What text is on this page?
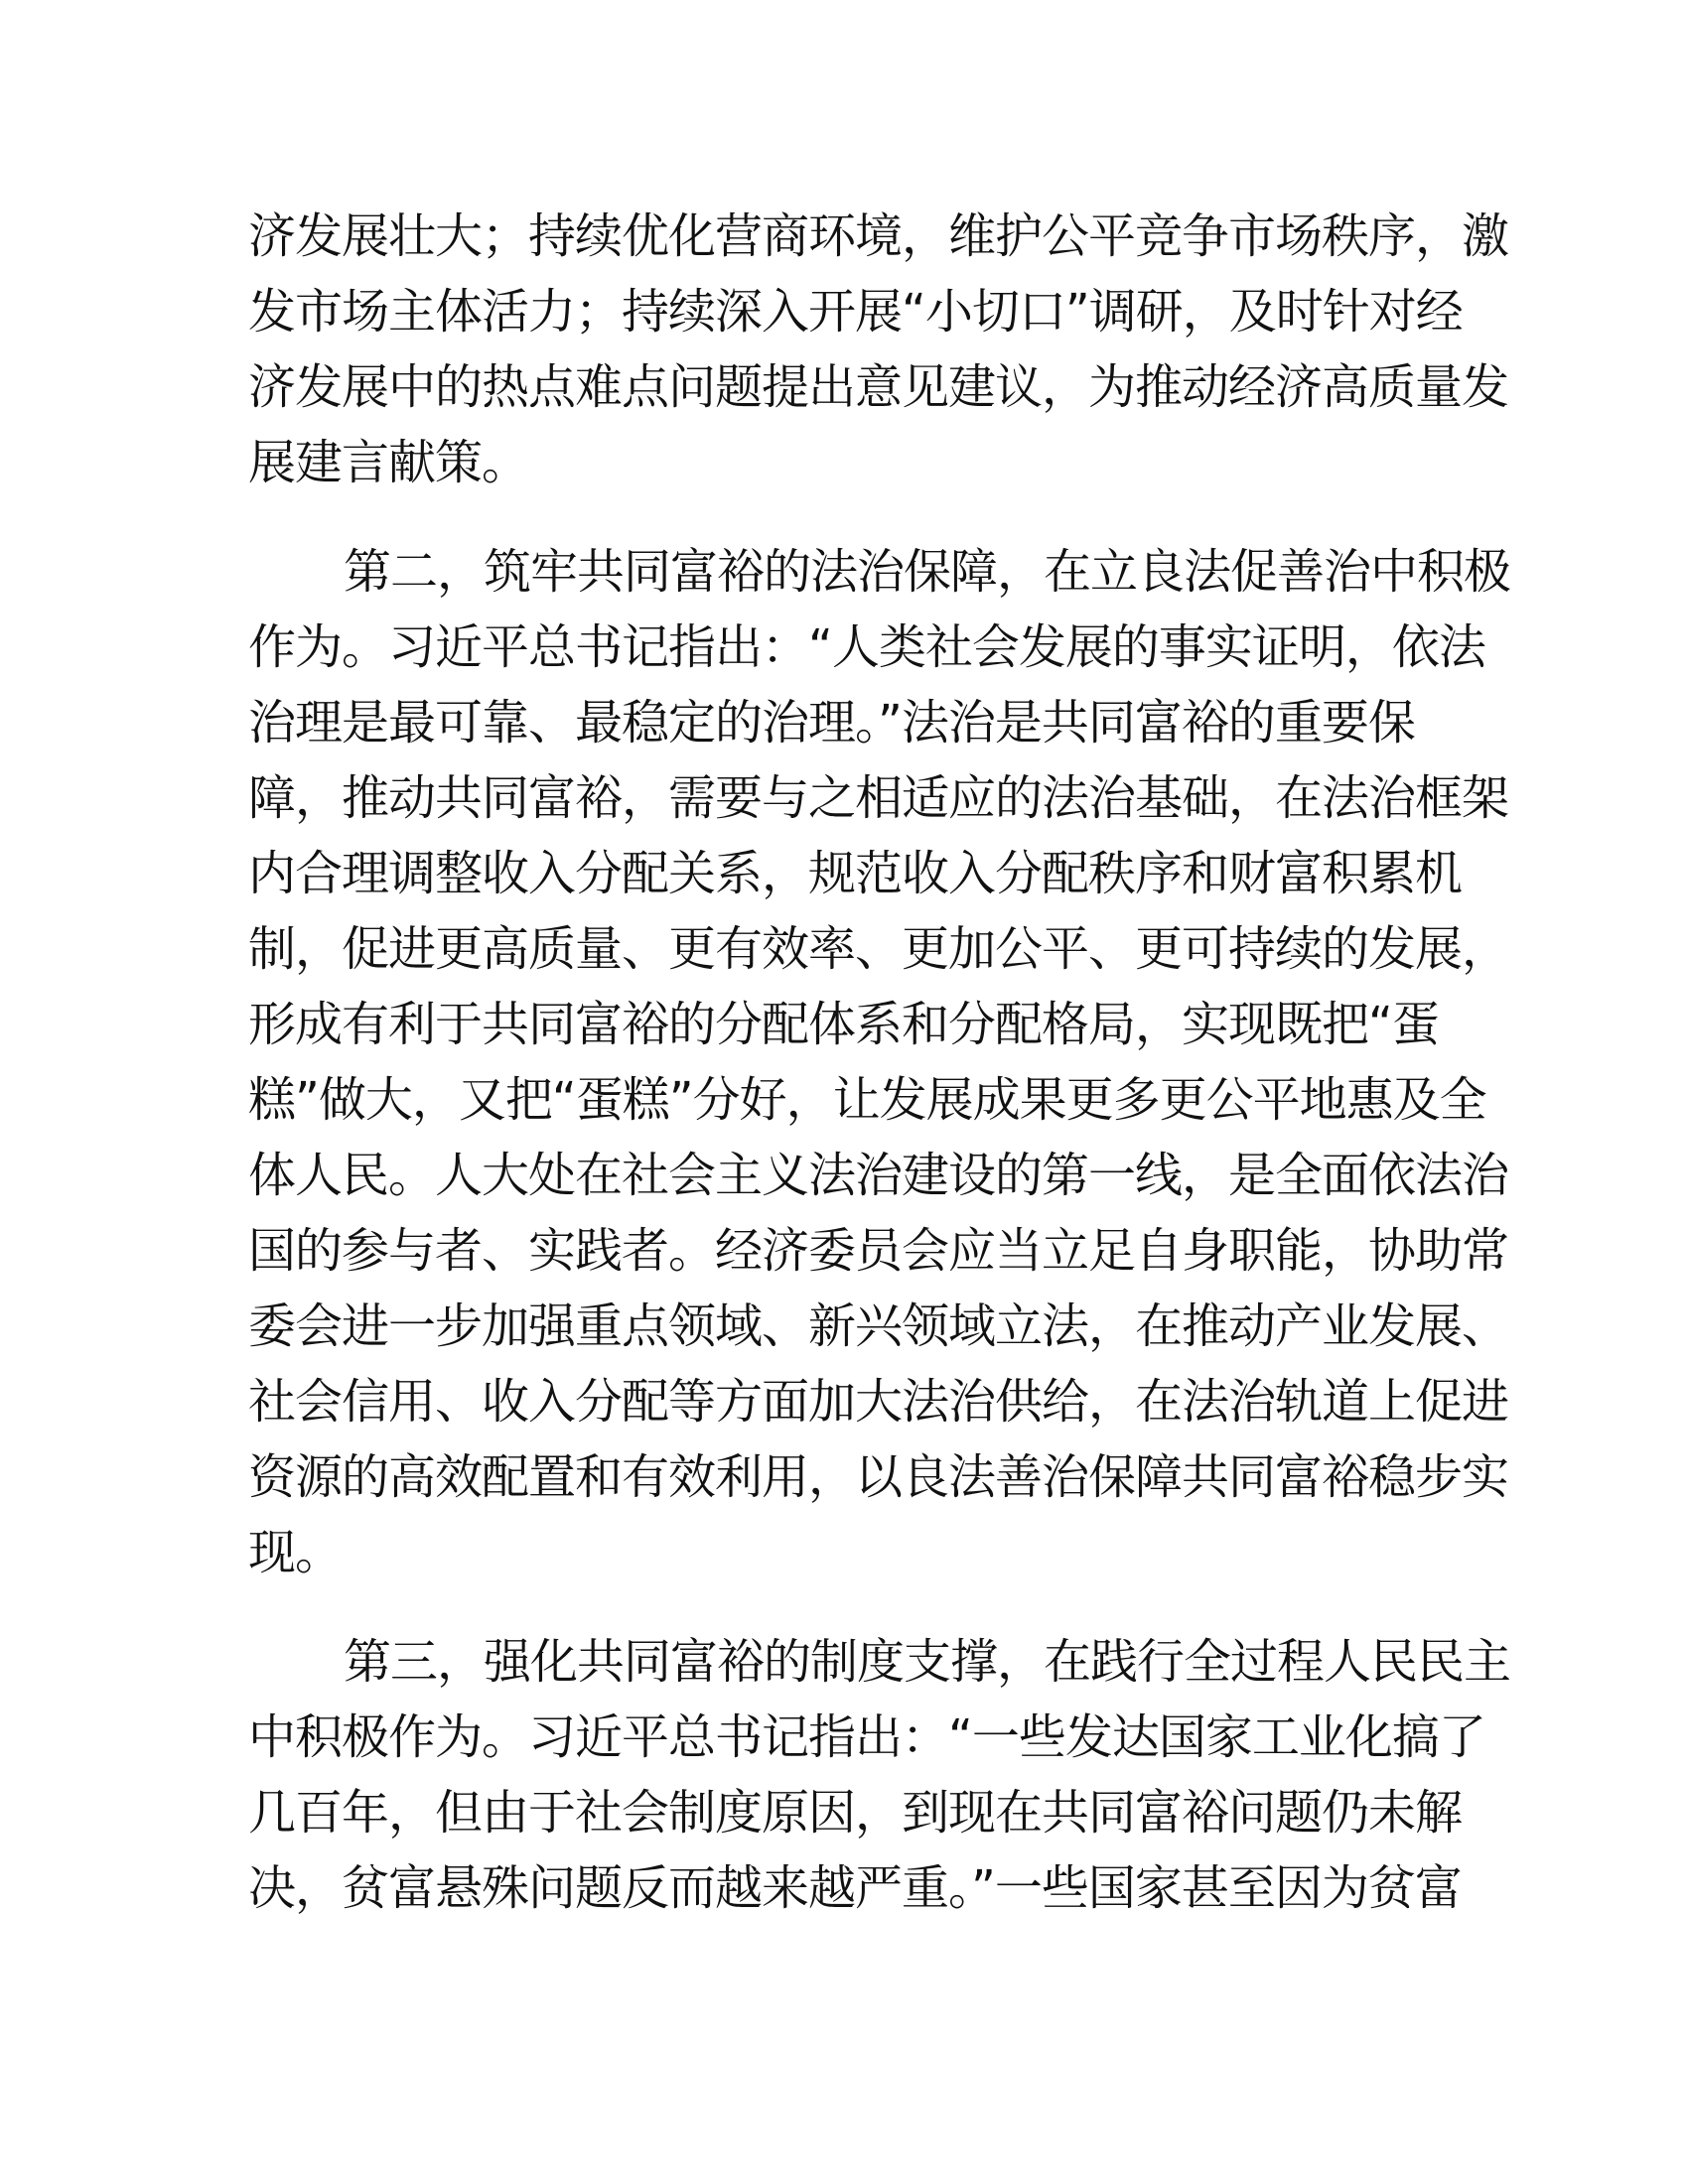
济发展壮大；持续优化营商环境，维护公平竞争市场秩序，激
发市场主体活力；持续深入开展“小切口”调研，及时针对经
济发展中的热点难点问题提出意见建议，为推动经济高质量发
展建言献策。
第二，筑牢共同富裕的法治保障，在立良法促善治中积极
作为。习近平总书记指出：“人类社会发展的事实证明，依法
治理是最可靠、最稳定的治理。”法治是共同富裕的重要保
障，推动共同富裕，需要与之相适应的法治基础，在法治框架
内合理调整收入分配关系，规范收入分配秩序和财富积累机
制，促进更高质量、更有效率、更加公平、更可持续的发展，
形成有利于共同富裕的分配体系和分配格局，实现既把“蛋
糕”做大，又把“蛋糕”分好，让发展成果更多更公平地惠及全
体人民。人大处在社会主义法治建设的第一线，是全面依法治
国的参与者、实践者。经济委员会应当立足自身职能，协助常
委会进一步加强重点领域、新兴领域立法，在推动产业发展、
社会信用、收入分配等方面加大法治供给，在法治轨道上促进
资源的高效配置和有效利用，以良法善治保障共同富裕稳步实
现。
第三，强化共同富裕的制度支撑，在践行全过程人民民主
中积极作为。习近平总书记指出：“一些发达国家工业化搞了
几百年，但由于社会制度原因，到现在共同富裕问题仍未解
决，贫富悬殊问题反而越来越严重。”一些国家甚至因为贫富
